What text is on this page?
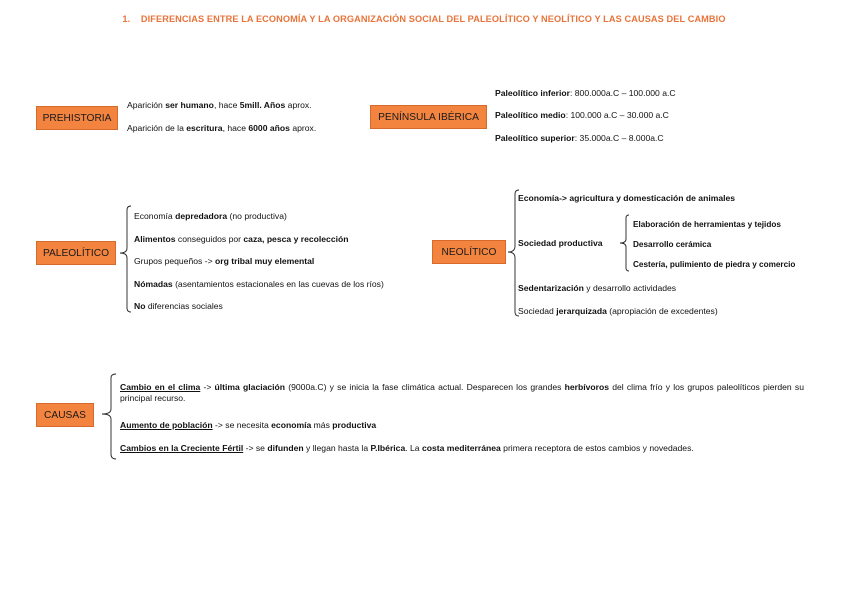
1.    DIFERENCIAS ENTRE LA ECONOMÍA Y LA ORGANIZACIÓN SOCIAL DEL PALEOLÍTICO Y NEOLÍTICO Y LAS CAUSAS DEL CAMBIO
PREHISTORIA
Aparición ser humano, hace 5mill. Años aprox.
Aparición de la escritura, hace 6000 años aprox.
PENÍNSULA IBÉRICA
Paleolítico inferior: 800.000a.C – 100.000 a.C
Paleolítico medio: 100.000 a.C – 30.000 a.C
Paleolítico superior: 35.000a.C – 8.000a.C
PALEOLÍTICO
Economía depredadora (no productiva)
Alimentos conseguidos por caza, pesca y recolección
Grupos pequeños -> org tribal muy elemental
Nómadas (asentamientos estacionales en las cuevas de los ríos)
No diferencias sociales
NEOLÍTICO
Economía-> agricultura y domesticación de animales
Sociedad productiva
Elaboración de herramientas y tejidos
Desarrollo cerámica
Cestería, pulimiento de piedra y comercio
Sedentarización y desarrollo actividades
Sociedad jerarquizada (apropiación de excedentes)
CAUSAS
Cambio en el clima -> última glaciación (9000a.C) y se inicia la fase climática actual. Desparecen los grandes herbívoros del clima frío y los grupos paleolíticos pierden su principal recurso.
Aumento de población -> se necesita economía más productiva
Cambios en la Creciente Fértil -> se difunden y llegan hasta la P.Ibérica. La costa mediterránea primera receptora de estos cambios y novedades.
